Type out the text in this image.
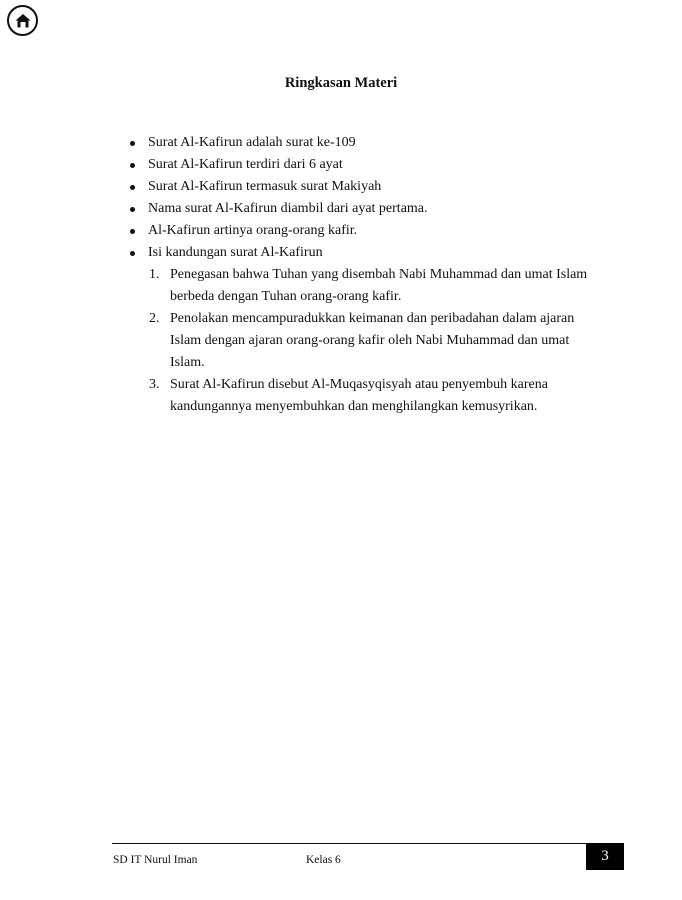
Ringkasan Materi
Surat Al-Kafirun adalah surat ke-109
Surat Al-Kafirun terdiri dari 6 ayat
Surat Al-Kafirun termasuk surat Makiyah
Nama surat Al-Kafirun diambil dari ayat pertama.
Al-Kafirun artinya orang-orang kafir.
Isi kandungan surat Al-Kafirun
1. Penegasan bahwa Tuhan yang disembah Nabi Muhammad dan umat Islam berbeda dengan Tuhan orang-orang kafir.
2. Penolakan mencampuradukkan keimanan dan peribadahan dalam ajaran Islam dengan ajaran orang-orang kafir oleh Nabi Muhammad dan umat Islam.
3. Surat Al-Kafirun disebut Al-Muqasyqisyah atau penyembuh karena kandungannya menyembuhkan dan menghilangkan kemusyrikan.
SD IT Nurul Iman	Kelas 6	3
